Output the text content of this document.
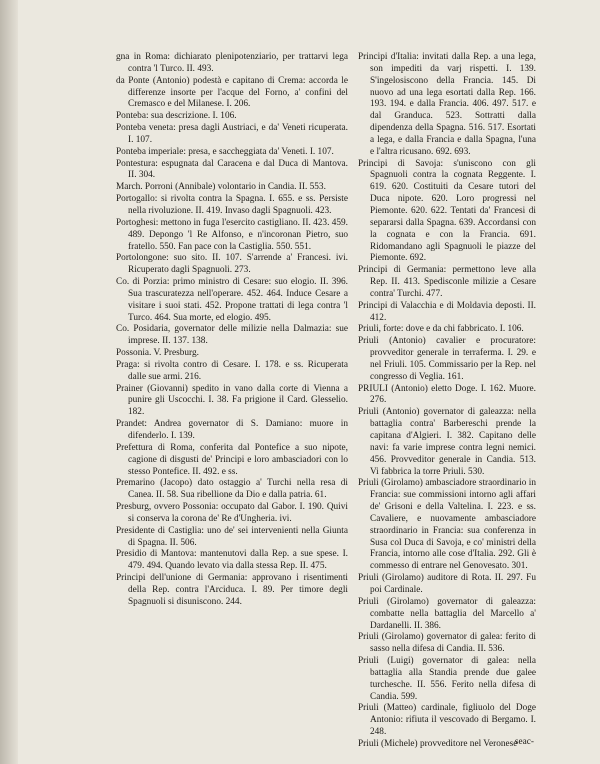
gna in Roma: dichiarato plenipotenziario, per trattarvi lega contra 'l Turco. II. 493.

da Ponte (Antonio) podestà e capitano di Crema: accorda le differenze insorte per l'acque del Forno, a' confini del Cremasco e del Milanese. I. 206.

Ponteba: sua descrizione. I. 106.

Ponteba veneta: presa dagli Austriaci, e da' Veneti ricuperata. I. 107.

Ponteba imperiale: presa, e saccheggiata da' Veneti. I. 107.

Pontestura: espugnata dal Caracena e dal Duca di Mantova. II. 304.

March. Porroni (Annibale) volontario in Candia. II. 553.

Portogallo: si rivolta contra la Spagna. I. 655. e ss. Persiste nella rivoluzione. II. 419. Invaso dagli Spagnuoli. 423.

Portoghesi: mettono in fuga l'esercito castigliano. II. 423. 459. 489. Depongo 'l Re Alfonso, e n'incoronan Pietro, suo fratello. 550. Fan pace con la Castiglia. 550. 551.

Portolongone: suo sito. II. 107. S'arrende a' Francesi. ivi. Ricuperato dagli Spagnuoli. 273.

Co. di Porzia: primo ministro di Cesare: suo elogio. II. 396. Sua trascuratezza nell'operare. 452. 464. Induce Cesare a visitare i suoi stati. 452. Propone trattati di lega contra 'l Turco. 464. Sua morte, ed elogio. 495.

Co. Posidaria, governator delle milizie nella Dalmazia: sue imprese. II. 137. 138.

Possonia. V. Presburg.

Praga: si rivolta contro di Cesare. I. 178. e ss. Ricuperata dalle sue armi. 216.

Prainer (Giovanni) spedito in vano dalla corte di Vienna a punire gli Uscocchi. I. 38. Fa prigione il Card. Glesselio. 182.

Prandet: Andrea governator di S. Damiano: muore in difenderlo. I. 139.

Prefettura di Roma, conferita dal Pontefice a suo nipote, cagione di disgusti de' Principi e loro ambasciadori con lo stesso Pontefice. II. 492. e ss.

Premarino (Jacopo) dato ostaggio a' Turchi nella resa di Canea. II. 58. Sua ribellione da Dio e dalla patria. 61.

Presburg, ovvero Possonia: occupato dal Gabor. I. 190. Quivi si conserva la corona de' Re d'Ungheria. ivi.

Presidente di Castiglia: uno de' sei intervenienti nella Giunta di Spagna. II. 506.

Presidio di Mantova: mantenutovi dalla Rep. a sue spese. I. 479. 494. Quando levato via dalla stessa Rep. II. 475.

Principi dell'unione di Germania: approvano i risentimenti della Rep. contra l'Arciduca. I. 89. Per timore degli Spagnuoli si disuniscono. 244.

Principi d'Italia: invitati dalla Rep. a una lega, son impediti da varj rispetti. I. 139. S'ingelosiscono della Francia. 145. Di nuovo ad una lega esortati dalla Rep. 166. 193. 194. e dalla Francia. 406. 497. 517. e dal Granduca. 523. Sottratti dalla dipendenza della Spagna. 516. 517. Esortati a lega, e dalla Francia e dalla Spagna, l'una e l'altra ricusano. 692. 693.

Principi di Savoja: s'uniscono con gli Spagnuoli contra la cognata Reggente. I. 619. 620. Costituiti da Cesare tutori del Duca nipote. 620. Loro progressi nel Piemonte. 620. 622. Tentati da' Francesi di separarsi dalla Spagna. 639. Accordansi con la cognata e con la Francia. 691. Ridomandano agli Spagnuoli le piazze del Piemonte. 692.

Principi di Germania: permettono leve alla Rep. II. 413. Spedisconle milizie a Cesare contra' Turchi. 477.

Principi di Valacchia e di Moldavia deposti. II. 412.

Priuli, forte: dove e da chi fabbricato. I. 106.

Priuli (Antonio) cavalier e procuratore: provveditor generale in terraferma. I. 29. e nel Friuli. 105. Commissario per la Rep. nel congresso di Veglia. 161.

PRIULI (Antonio) eletto Doge. I. 162. Muore. 276.

Priuli (Antonio) governator di galeazza: nella battaglia contra' Barbereschi prende la capitana d'Algieri. I. 382. Capitano delle navi: fa varie imprese contra legni nemici. 456. Provveditor generale in Candia. 513. Vi fabbrica la torre Priuli. 530.

Priuli (Girolamo) ambasciadore straordinario in Francia: sue commissioni intorno agli affari de' Grisoni e della Valtelina. I. 223. e ss. Cavaliere, e nuovamente ambasciadore straordinario in Francia: sua conferenza in Susa col Duca di Savoja, e co' ministri della Francia, intorno alle cose d'Italia. 292. Gli è commesso di entrare nel Genovesato. 301.

Priuli (Girolamo) auditore di Rota. II. 297. Fu poi Cardinale.

Priuli (Girolamo) governator di galeazza: combatte nella battaglia del Marcello a' Dardanelli. II. 386.

Priuli (Girolamo) governator di galea: ferito di sasso nella difesa di Candia. II. 536.

Priuli (Luigi) governator di galea: nella battaglia alla Standia prende due galee turchesche. II. 556. Ferito nella difesa di Candia. 599.

Priuli (Matteo) cardinale, figliuolo del Doge Antonio: rifiuta il vescovado di Bergamo. I. 248.

Priuli (Michele) provveditore nel Veronese

seac-
